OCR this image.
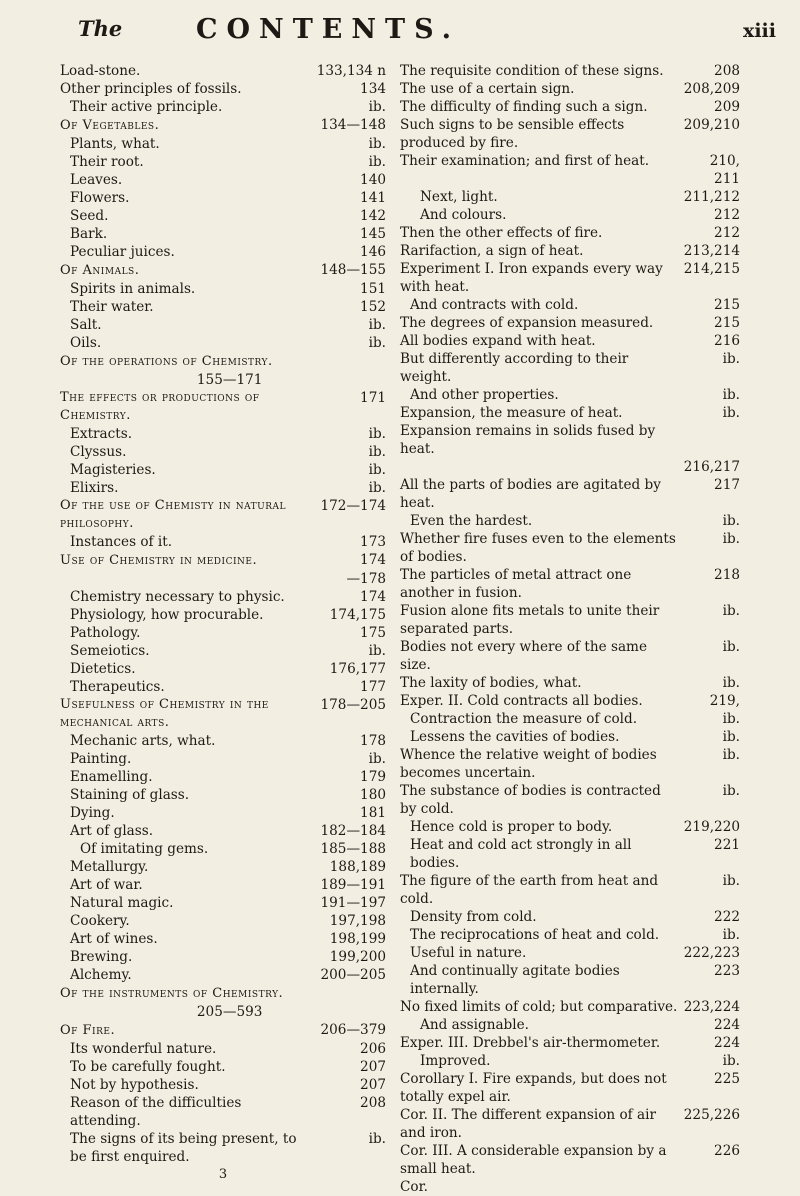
The	CONTENTS.	xiii
Load-stone.	133,134 n
Other principles of fossils.	134
Their active principle.	ib.
Of Vegetables.	134—148
Plants, what.	ib.
Their root.	ib.
Leaves.	140
Flowers.	141
Seed.	142
Bark.	145
Peculiar juices.	146
Of Animals.	148—155
Spirits in animals.	151
Their water.	152
Salt.	ib.
Oils.	ib.
Of the operations of Chemistry.
155—171
The effects or productions of Chemistry.
171
Extracts.	ib.
Clyssus.	ib.
Magisteries.	ib.
Elixirs.	ib.
Of the use of Chemisty in natural philosophy.
172—174
Instances of it.	173
Use of Chemistry in medicine.	174
—178
Chemistry necessary to physic.	174
Physiology, how procurable.	174,175
Pathology.	175
Semeiotics.	ib.
Dietetics.	176,177
Therapeutics.	177
Usefulness of Chemistry in the mechanical arts.
178—205
Mechanic arts, what.	178
Painting.	ib.
Enamelling.	179
Staining of glass.	180
Dying.	181
Art of glass.	182—184
Of imitating gems.	185—188
Metallurgy.	188,189
Art of war.	189—191
Natural magic.	191—197
Cookery.	197,198
Art of wines.	198,199
Brewing.	199,200
Alchemy.	200—205
Of the instruments of Chemistry.
205—593
Of Fire.	206—379
Its wonderful nature.	206
To be carefully fought.	207
Not by hypothesis.	207
Reason of the difficulties attending.
208
The signs of its being present, to be first enquired.
ib.
3
The requisite condition of these signs.	208
The use of a certain sign.	208,209
The difficulty of finding such a sign.	209
Such signs to be sensible effects produced by fire.
209,210
Their examination; and first of heat.	210,
211
Next, light.	211,212
And colours.	212
Then the other effects of fire.	212
Rarifaction, a sign of heat.	213,214
Experiment I. Iron expands every way with heat.
214,215
And contracts with cold.	215
The degrees of expansion measured.	215
All bodies expand with heat.	216
But differently according to their weight.
ib.
And other properties.	ib.
Expansion, the measure of heat.	ib.
Expansion remains in solids fused by heat.
216,217
All the parts of bodies are agitated by heat.
217
Even the hardest.	ib.
Whether fire fuses even to the elements of bodies.
ib.
The particles of metal attract one another in fusion.
218
Fusion alone fits metals to unite their separated parts.
ib.
Bodies not every where of the same size.
ib.
The laxity of bodies, what.	ib.
Exper. II. Cold contracts all bodies.	219,
Contraction the measure of cold.	ib.
Lessens the cavities of bodies.	ib.
Whence the relative weight of bodies becomes uncertain.
ib.
The substance of bodies is contracted by cold.
ib.
Hence cold is proper to body.	219,220
Heat and cold act strongly in all bodies.
221
The figure of the earth from heat and cold.
ib.
Density from cold.	222
The reciprocations of heat and cold.	ib.
Useful in nature.	222,223
And continually agitate bodies internally.
223
No fixed limits of cold; but comparative. 223,224
And assignable.	224
Exper. III. Drebbel's air-thermometer.	224
Improved.	ib.
Corollary I. Fire expands, but does not totally expel air.
225
Cor. II. The different expansion of air and iron.
225,226
Cor. III. A considerable expansion by a small heat.
226
Cor.
